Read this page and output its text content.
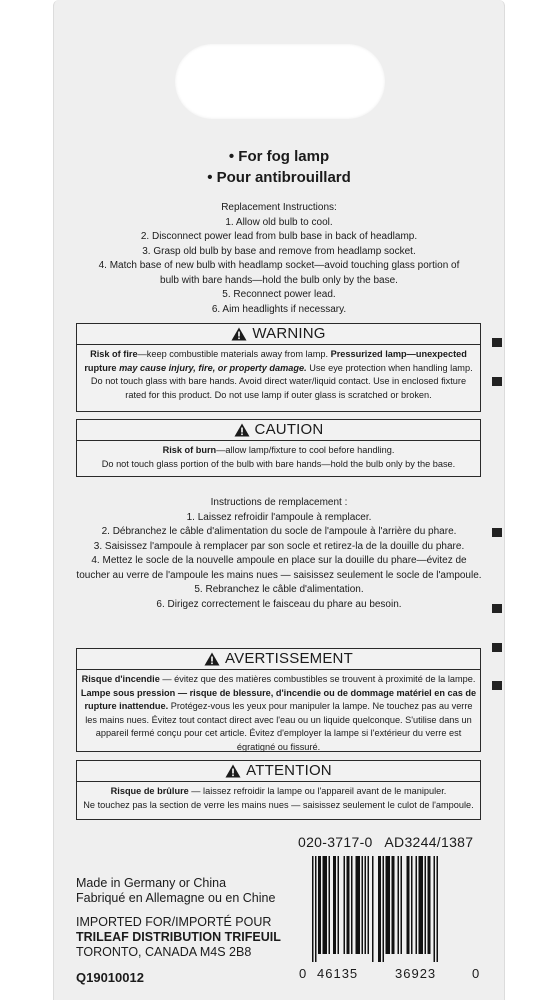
• For fog lamp
• Pour antibrouillard
Replacement Instructions:
1. Allow old bulb to cool.
2. Disconnect power lead from bulb base in back of headlamp.
3. Grasp old bulb by base and remove from headlamp socket.
4. Match base of new bulb with headlamp socket—avoid touching glass portion of
bulb with bare hands—hold the bulb only by the base.
5. Reconnect power lead.
6. Aim headlights if necessary.
WARNING
Risk of fire—keep combustible materials away from lamp. Pressurized lamp—unexpected rupture may cause injury, fire, or property damage. Use eye protection when handling lamp. Do not touch glass with bare hands. Avoid direct water/liquid contact. Use in enclosed fixture rated for this product. Do not use lamp if outer glass is scratched or broken.
CAUTION
Risk of burn—allow lamp/fixture to cool before handling.
Do not touch glass portion of the bulb with bare hands—hold the bulb only by the base.
Instructions de remplacement :
1. Laissez refroidir l'ampoule à remplacer.
2. Débranchez le câble d'alimentation du socle de l'ampoule à l'arrière du phare.
3. Saisissez l'ampoule à remplacer par son socle et retirez-la de la douille du phare.
4. Mettez le socle de la nouvelle ampoule en place sur la douille du phare—évitez de
toucher au verre de l'ampoule les mains nues — saisissez seulement le socle de l'ampoule.
5. Rebranchez le câble d'alimentation.
6. Dirigez correctement le faisceau du phare au besoin.
AVERTISSEMENT
Risque d'incendie — évitez que des matières combustibles se trouvent à proximité de la lampe. Lampe sous pression — risque de blessure, d'incendie ou de dommage matériel en cas de rupture inattendue. Protégez-vous les yeux pour manipuler la lampe. Ne touchez pas au verre les mains nues. Évitez tout contact direct avec l'eau ou un liquide quelconque. S'utilise dans un appareil fermé conçu pour cet article. Évitez d'employer la lampe si l'extérieur du verre est égratigné ou fissuré.
ATTENTION
Risque de brûlure — laissez refroidir la lampe ou l'appareil avant de le manipuler.
Ne touchez pas la section de verre les mains nues — saisissez seulement le culot de l'ampoule.
020-3717-0   AD3244/1387
Made in Germany or China
Fabriqué en Allemagne ou en Chine
IMPORTED FOR/IMPORTÉ POUR
TRILEAF DISTRIBUTION TRIFEUIL
TORONTO, CANADA M4S 2B8
Q19010012	0 46135	36923	0
